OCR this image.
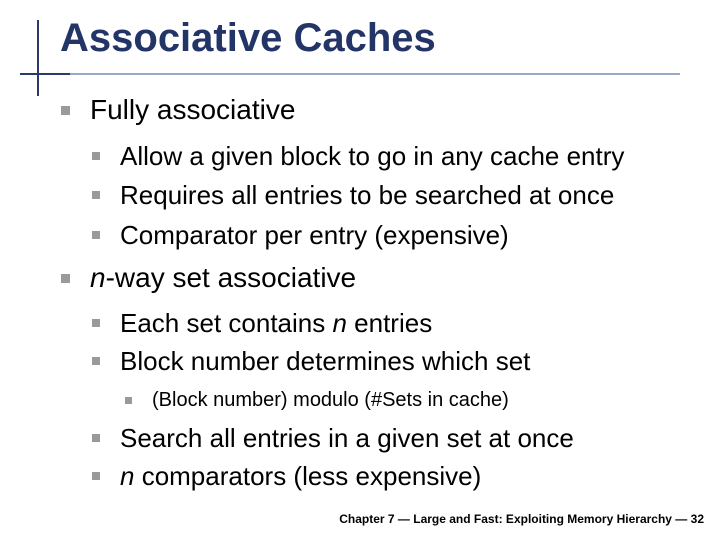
Associative Caches
Fully associative
Allow a given block to go in any cache entry
Requires all entries to be searched at once
Comparator per entry (expensive)
n-way set associative
Each set contains n entries
Block number determines which set
(Block number) modulo (#Sets in cache)
Search all entries in a given set at once
n comparators (less expensive)
Chapter 7 — Large and Fast: Exploiting Memory Hierarchy — 32
